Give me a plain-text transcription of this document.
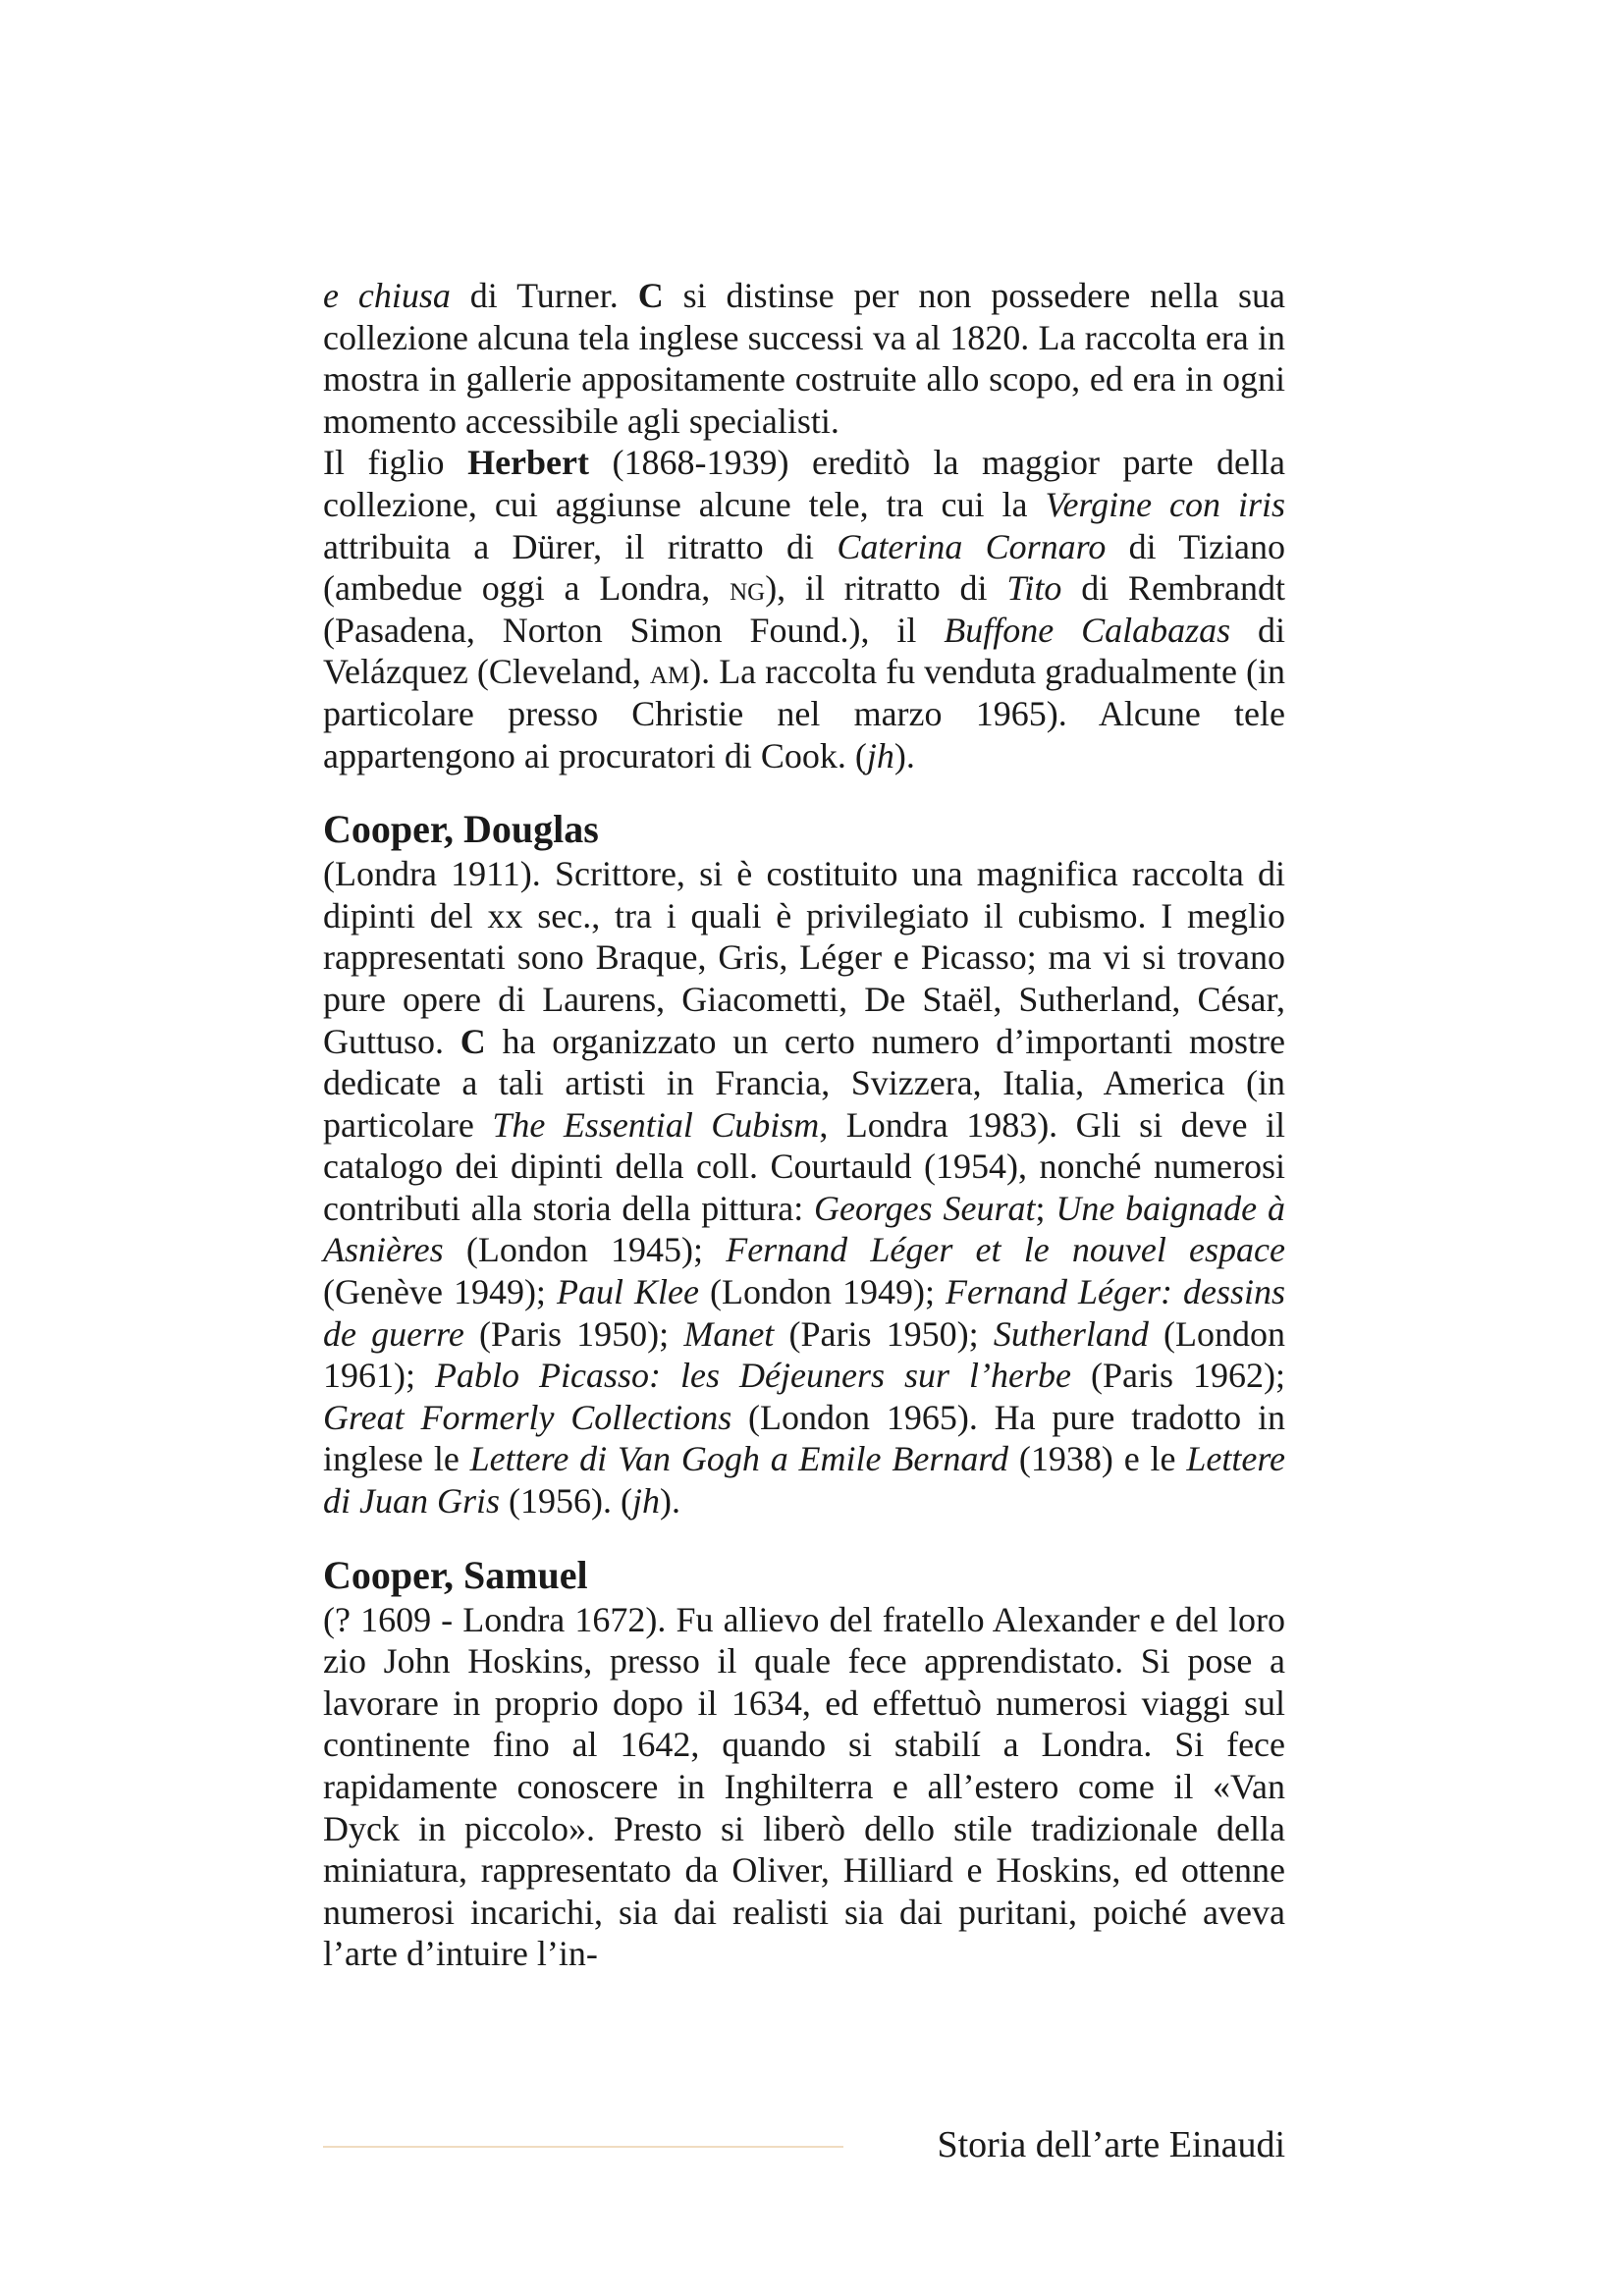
e chiusa di Turner. C si distinse per non possedere nella sua collezione alcuna tela inglese successi va al 1820. La raccolta era in mostra in gallerie appositamente costruite allo scopo, ed era in ogni momento accessibile agli specialisti.
Il figlio Herbert (1868-1939) ereditò la maggior parte della collezione, cui aggiunse alcune tele, tra cui la Vergine con iris attribuita a Dürer, il ritratto di Caterina Cornaro di Tiziano (ambedue oggi a Londra, ng), il ritratto di Tito di Rembrandt (Pasadena, Norton Simon Found.), il Buffone Calabazas di Velázquez (Cleveland, am). La raccolta fu venduta gradualmente (in particolare presso Christie nel marzo 1965). Alcune tele appartengono ai procuratori di Cook. (jh).

Cooper, Douglas

(Londra 1911). Scrittore, si è costituito una magnifica raccolta di dipinti del xx sec., tra i quali è privilegiato il cubismo. I meglio rappresentati sono Braque, Gris, Léger e Picasso; ma vi si trovano pure opere di Laurens, Giacometti, De Staël, Sutherland, César, Guttuso. C ha organizzato un certo numero d’importanti mostre dedicate a tali artisti in Francia, Svizzera, Italia, America (in particolare The Essential Cubism, Londra 1983). Gli si deve il catalogo dei dipinti della coll. Courtauld (1954), nonché numerosi contributi alla storia della pittura: Georges Seurat; Une baignade à Asnières (London 1945); Fernand Léger et le nouvel espace (Genève 1949); Paul Klee (London 1949); Fernand Léger: dessins de guerre (Paris 1950); Manet (Paris 1950); Sutherland (London 1961); Pablo Picasso: les Déjeuners sur l’herbe (Paris 1962); Great Formerly Collections (London 1965). Ha pure tradotto in inglese le Lettere di Van Gogh a Emile Bernard (1938) e le Lettere di Juan Gris (1956). (jh).

Cooper, Samuel

(? 1609 - Londra 1672). Fu allievo del fratello Alexander e del loro zio John Hoskins, presso il quale fece apprendistato. Si pose a lavorare in proprio dopo il 1634, ed effettuò numerosi viaggi sul continente fino al 1642, quando si stabilí a Londra. Si fece rapidamente conoscere in Inghilterra e all’estero come il «Van Dyck in piccolo». Presto si liberò dello stile tradizionale della miniatura, rappresentato da Oliver, Hilliard e Hoskins, ed ottenne numerosi incarichi, sia dai realisti sia dai puritani, poiché aveva l’arte d’intuire l’in-

Storia dell’arte Einaudi
